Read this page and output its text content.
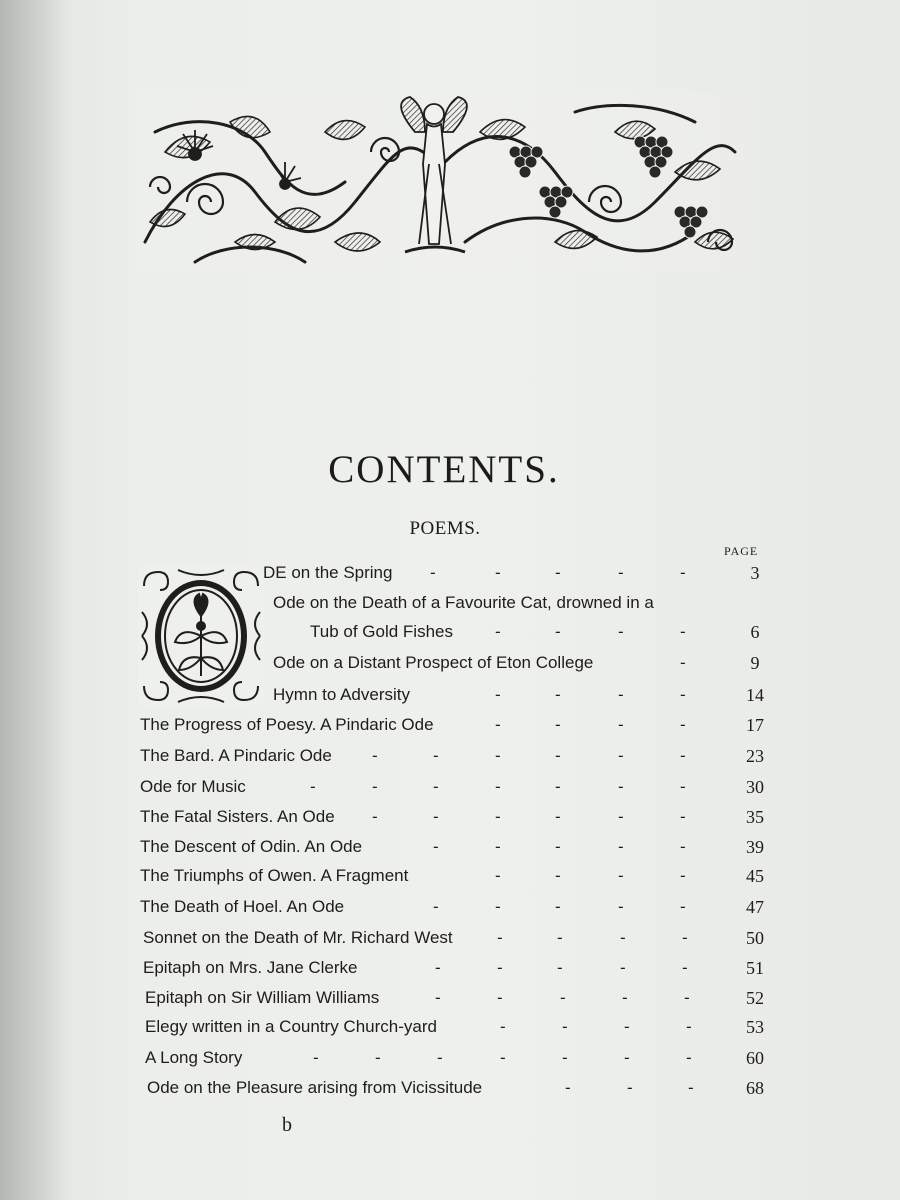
CONTENTS.
POEMS.
PAGE
DE on the Spring -	-	-	-	-	3
Ode on the Death of a Favourite Cat, drowned in a
Tub of Gold Fishes -	-	-	-	6
Ode on a Distant Prospect of Eton College	-	9
Hymn to Adversity	-	-	-	-	14
The Progress of Poesy. A Pindaric Ode	-	-	-	-	17
The Bard. A Pindaric Ode -	-	-	-	-	-	23
Ode for Music	-	-	-	-	-	-	-	30
The Fatal Sisters. An Ode -	-	-	-	-	-	35
The Descent of Odin. An Ode	-	-	-	-	-	39
The Triumphs of Owen. A Fragment	-	-	-	-	45
The Death of Hoel. An Ode	-	-	-	-	-	47
Sonnet on the Death of Mr. Richard West	-	-	-	-	50
Epitaph on Mrs. Jane Clerke	-	-	-	-	-	51
Epitaph on Sir William Williams	-	-	-	-	-	52
Elegy written in a Country Church-yard	-	-	-	-	53
A Long Story	-	-	-	-	-	-	-	60
Ode on the Pleasure arising from Vicissitude	-	-	-	68
b
